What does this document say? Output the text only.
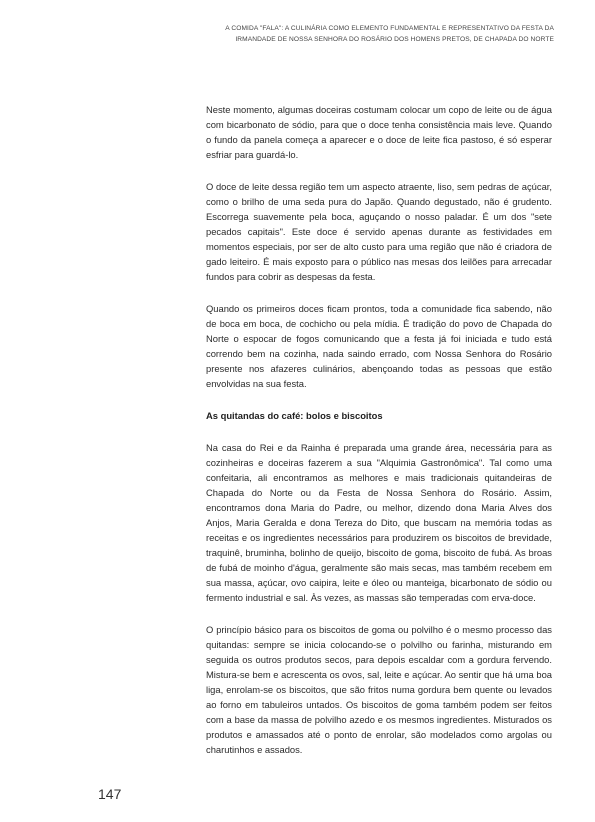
A COMIDA "FALA": A CULINÁRIA COMO ELEMENTO FUNDAMENTAL E REPRESENTATIVO DA FESTA DA
IRMANDADE DE NOSSA SENHORA DO ROSÁRIO DOS HOMENS PRETOS, DE CHAPADA DO NORTE

Neste momento, algumas doceiras costumam colocar um copo de leite ou de água com bicarbonato de sódio, para que o doce tenha consistência mais leve. Quando o fundo da panela começa a aparecer e o doce de leite fica pastoso, é só esperar esfriar para guardá-lo.

O doce de leite dessa região tem um aspecto atraente, liso, sem pedras de açúcar, como o brilho de uma seda pura do Japão. Quando degustado, não é grudento. Escorrega suavemente pela boca, aguçando o nosso paladar. É um dos "sete pecados capitais". Este doce é servido apenas durante as festividades em momentos especiais, por ser de alto custo para uma região que não é criadora de gado leiteiro. É mais exposto para o público nas mesas dos leilões para arrecadar fundos para cobrir as despesas da festa.

Quando os primeiros doces ficam prontos, toda a comunidade fica sabendo, não de boca em boca, de cochicho ou pela mídia. É tradição do povo de Chapada do Norte o espocar de fogos comunicando que a festa já foi iniciada e tudo está correndo bem na cozinha, nada saindo errado, com Nossa Senhora do Rosário presente nos afazeres culinários, abençoando todas as pessoas que estão envolvidas na sua festa.

As quitandas do café: bolos e biscoitos

Na casa do Rei e da Rainha é preparada uma grande área, necessária para as cozinheiras e doceiras fazerem a sua "Alquimia Gastronômica". Tal como uma confeitaria, ali encontramos as melhores e mais tradicionais quitandeiras de Chapada do Norte ou da Festa de Nossa Senhora do Rosário. Assim, encontramos dona Maria do Padre, ou melhor, dizendo dona Maria Alves dos Anjos, Maria Geralda e dona Tereza do Dito, que buscam na memória todas as receitas e os ingredientes necessários para produzirem os biscoitos de brevidade, traquinê, bruminha, bolinho de queijo, biscoito de goma, biscoito de fubá. As broas de fubá de moinho d'água, geralmente são mais secas, mas também recebem em sua massa, açúcar, ovo caipira, leite e óleo ou manteiga, bicarbonato de sódio ou fermento industrial e sal. Às vezes, as massas são temperadas com erva-doce.

O princípio básico para os biscoitos de goma ou polvilho é o mesmo processo das quitandas: sempre se inicia colocando-se o polvilho ou farinha, misturando em seguida os outros produtos secos, para depois escaldar com a gordura fervendo. Mistura-se bem e acrescenta os ovos, sal, leite e açúcar. Ao sentir que há uma boa liga, enrolam-se os biscoitos, que são fritos numa gordura bem quente ou levados ao forno em tabuleiros untados. Os biscoitos de goma também podem ser feitos com a base da massa de polvilho azedo e os mesmos ingredientes. Misturados os produtos e amassados até o ponto de enrolar, são modelados como argolas ou charutinhos e assados.

147
